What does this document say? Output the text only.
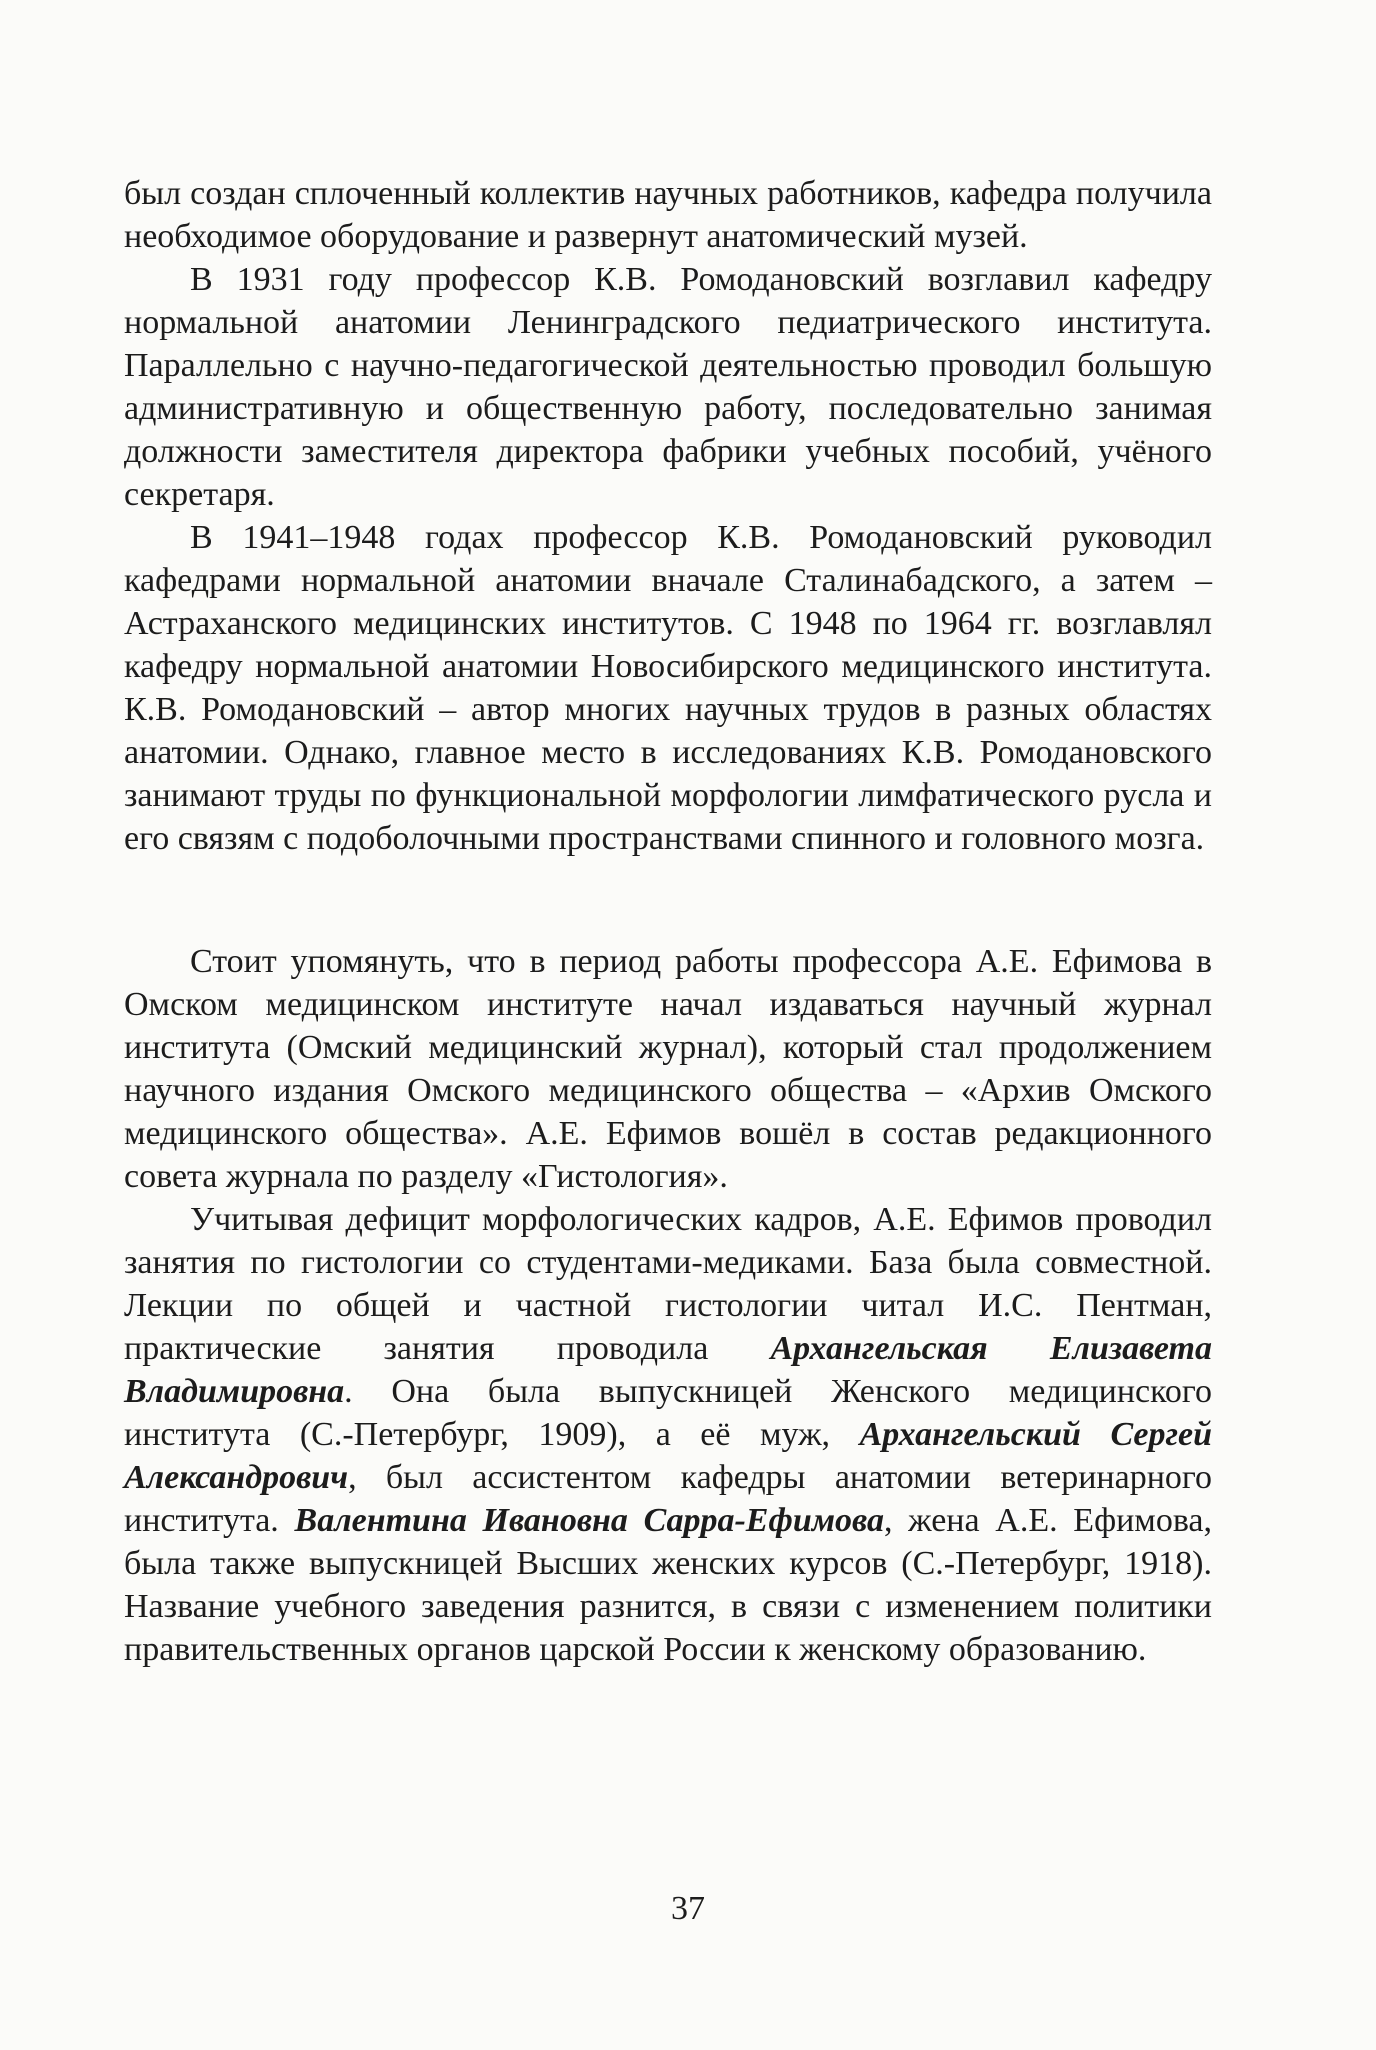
был создан сплоченный коллектив научных работников, кафедра получила необходимое оборудование и развернут анатомический музей.

В 1931 году профессор К.В. Ромодановский возглавил кафедру нормальной анатомии Ленинградского педиатрического института. Параллельно с научно-педагогической деятельностью проводил большую административную и общественную работу, последовательно занимая должности заместителя директора фабрики учебных пособий, учёного секретаря.

В 1941–1948 годах профессор К.В. Ромодановский руководил кафедрами нормальной анатомии вначале Сталинабадского, а затем – Астраханского медицинских институтов. С 1948 по 1964 гг. возглавлял кафедру нормальной анатомии Новосибирского медицинского института. К.В. Ромодановский – автор многих научных трудов в разных областях анатомии. Однако, главное место в исследованиях К.В. Ромодановского занимают труды по функциональной морфологии лимфатического русла и его связям с подоболочными пространствами спинного и головного мозга.

Стоит упомянуть, что в период работы профессора А.Е. Ефимова в Омском медицинском институте начал издаваться научный журнал института (Омский медицинский журнал), который стал продолжением научного издания Омского медицинского общества – «Архив Омского медицинского общества». А.Е. Ефимов вошёл в состав редакционного совета журнала по разделу «Гистология».

Учитывая дефицит морфологических кадров, А.Е. Ефимов проводил занятия по гистологии со студентами-медиками. База была совместной. Лекции по общей и частной гистологии читал И.С. Пентман, практические занятия проводила Архангельская Елизавета Владимировна. Она была выпускницей Женского медицинского института (С.-Петербург, 1909), а её муж, Архангельский Сергей Александрович, был ассистентом кафедры анатомии ветеринарного института. Валентина Ивановна Сарра-Ефимова, жена А.Е. Ефимова, была также выпускницей Высших женских курсов (С.-Петербург, 1918). Название учебного заведения разнится, в связи с изменением политики правительственных органов царской России к женскому образованию.

37
